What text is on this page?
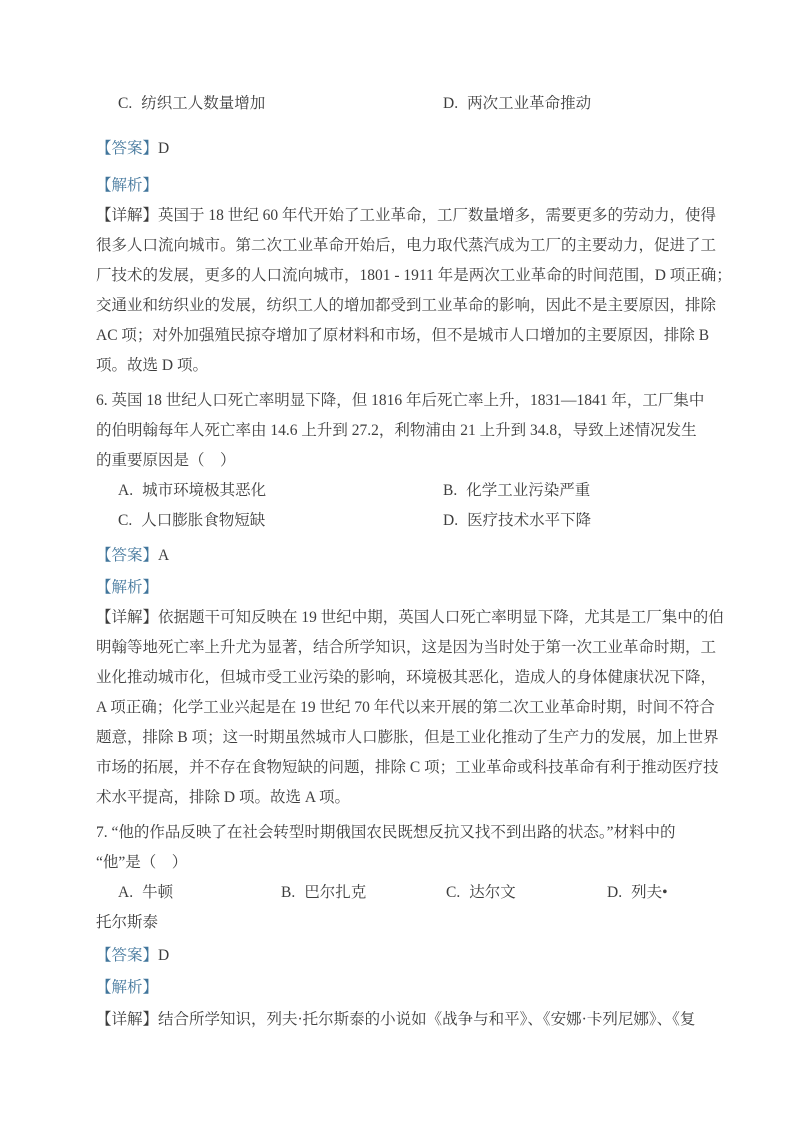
C. 纺织工人数量增加	D. 两次工业革命推动
【答案】D
【解析】
【详解】英国于 18 世纪 60 年代开始了工业革命，工厂数量增多，需要更多的劳动力，使得
很多人口流向城市。第二次工业革命开始后，电力取代蒸汽成为工厂的主要动力，促进了工
厂技术的发展，更多的人口流向城市，1801 - 1911 年是两次工业革命的时间范围，D 项正确；
交通业和纺织业的发展，纺织工人的增加都受到工业革命的影响，因此不是主要原因，排除
AC 项；对外加强殖民掠夺增加了原材料和市场，但不是城市人口增加的主要原因，排除 B
项。故选 D 项。
6. 英国 18 世纪人口死亡率明显下降，但 1816 年后死亡率上升，1831—1841 年，工厂集中
的伯明翰每年人死亡率由 14.6 上升到 27.2，利物浦由 21 上升到 34.8，导致上述情况发生
的重要原因是（　）
A. 城市环境极其恶化	B. 化学工业污染严重
C. 人口膨胀食物短缺	D. 医疗技术水平下降
【答案】A
【解析】
【详解】依据题干可知反映在 19 世纪中期，英国人口死亡率明显下降，尤其是工厂集中的伯
明翰等地死亡率上升尤为显著，结合所学知识，这是因为当时处于第一次工业革命时期，工
业化推动城市化，但城市受工业污染的影响，环境极其恶化，造成人的身体健康状况下降，
A 项正确；化学工业兴起是在 19 世纪 70 年代以来开展的第二次工业革命时期，时间不符合
题意，排除 B 项；这一时期虽然城市人口膨胀，但是工业化推动了生产力的发展，加上世界
市场的拓展，并不存在食物短缺的问题，排除 C 项；工业革命或科技革命有利于推动医疗技
术水平提高，排除 D 项。故选 A 项。
7. “他的作品反映了在社会转型时期俄国农民既想反抗又找不到出路的状态。”材料中的
“他”是（　）
A. 牛顿	B. 巴尔扎克	C. 达尔文	D. 列夫•
托尔斯泰
【答案】D
【解析】
【详解】结合所学知识，列夫·托尔斯泰的小说如《战争与和平》、《安娜·卡列尼娜》、《复
